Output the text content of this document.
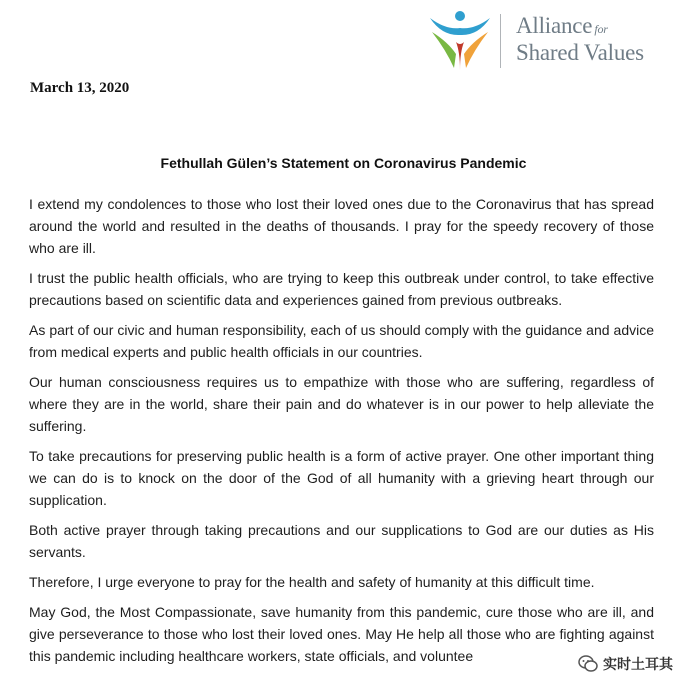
Alliance for
Shared Values
March 13, 2020
Fethullah Gülen’s Statement on Coronavirus Pandemic

I extend my condolences to those who lost their loved ones due to the Coronavirus that has spread around the world and resulted in the deaths of thousands. I pray for the speedy recovery of those who are ill.

I trust the public health officials, who are trying to keep this outbreak under control, to take effective precautions based on scientific data and experiences gained from previous outbreaks.

As part of our civic and human responsibility, each of us should comply with the guidance and advice from medical experts and public health officials in our countries.

Our human consciousness requires us to empathize with those who are suffering, regardless of where they are in the world, share their pain and do whatever is in our power to help alleviate the suffering.

To take precautions for preserving public health is a form of active prayer. One other important thing we can do is to knock on the door of the God of all humanity with a grieving heart through our supplication.

Both active prayer through taking precautions and our supplications to God are our duties as His servants.

Therefore, I urge everyone to pray for the health and safety of humanity at this difficult time.

May God, the Most Compassionate, save humanity from this pandemic, cure those who are ill, and give perseverance to those who lost their loved ones. May He help all those who are fighting against this pandemic including healthcare workers, state officials, and voluntee	实时土耳其
